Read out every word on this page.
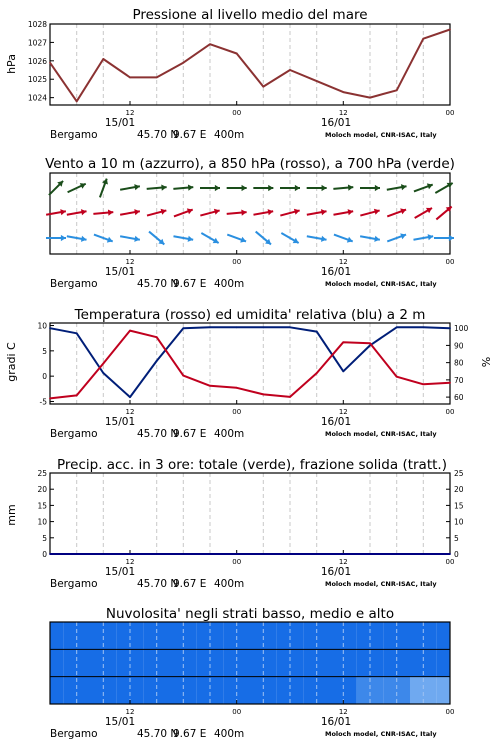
Pressione al livello medio del mare
Vento a 10 m (azzurro), a 850 hPa (rosso), a 700 hPa (verde)
Temperatura (rosso) ed umidita' relativa (blu) a 2 m
Precip. acc. in 3 ore: totale (verde), frazione solida (tratt.)
Nuvolosita' negli strati basso, medio e alto
hPa
gradi C	%
mm
12	00	12	00
15/01	16/01
Bergamo	45.70 N
9.67 E 400m	Moloch model, CNR-ISAC, Italy
1024
1025
1026
1027
1028
12	00	12	00
15/01	16/01
Bergamo	45.70 N
9.67 E 400m	Moloch model, CNR-ISAC, Italy
12	00	12	00
15/01	16/01
Bergamo	45.70 N
9.67 E 400m	Moloch model, CNR-ISAC, Italy
-5
0
5
10
60
70
80
90
100
12	00	12	00
15/01	16/01
Bergamo	45.70 N
9.67 E 400m	Moloch model, CNR-ISAC, Italy
0
5
10
15
20
25
0
5
10
15
20
25
12	00	12	00
15/01	16/01
Bergamo	45.70 N
9.67 E 400m	Moloch model, CNR-ISAC, Italy
